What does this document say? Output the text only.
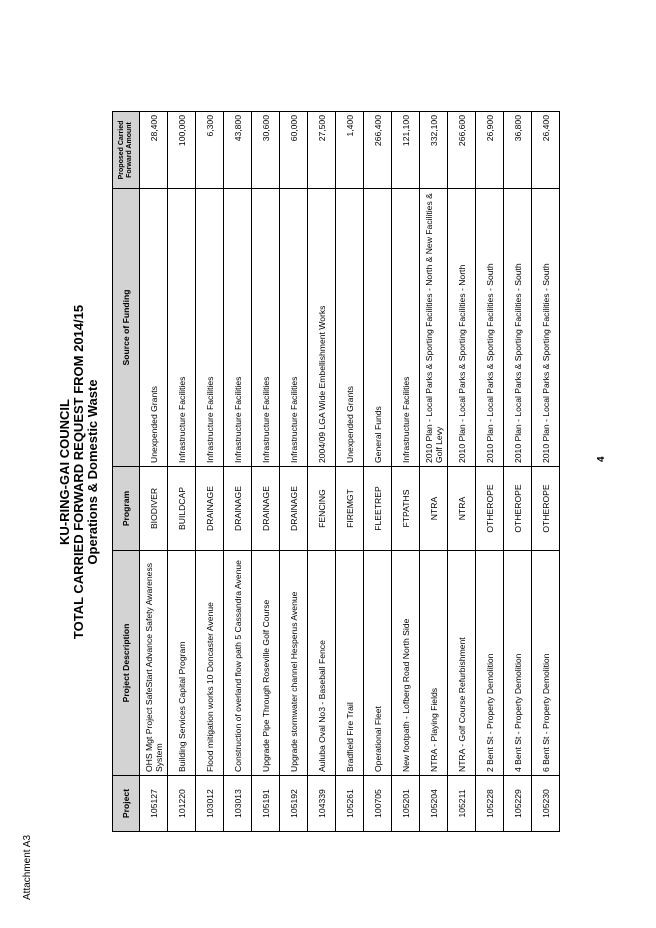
Attachment A3
4
KU-RING-GAI COUNCIL TOTAL CARRIED FORWARD REQUEST FROM 2014/15 Operations & Domestic Waste
Project	Project Description	Program	Source of Funding	Proposed Carried Forward Amount

105127	OHS Mgt Project SafeStart Advance Safety Awareness System	BIODIVER	Unexpended Grants	28,400
101220	Building Services Capital Program	BUILDCAP	Infrastructure Facilities	100,000
103012	Flood mitigation works 10 Doncaster Avenue	DRAINAGE	Infrastructure Facilities	6,300
103013	Construction of overland flow path 5 Cassandra Avenue	DRAINAGE	Infrastructure Facilities	43,800
105191	Upgrade Pipe Through Roseville Golf Course	DRAINAGE	Infrastructure Facilities	30,600
105192	Upgrade stormwater channel Hesperus Avenue	DRAINAGE	Infrastructure Facilities	60,000
104339	Auluba Oval No3 - Baseball Fence	FENCING	2004/09 LGA Wide Embellishment Works	27,500
105261	Bradfield Fire Trail	FIREMGT	Unexpended Grants	1,400
100705	Operational Fleet	FLEETREP	General Funds	266,400
105201	New footpath - Lofberg Road North Side	FTPATHS	Infrastructure Facilities	121,100
105204	NTRA - Playing Fields	NTRA	2010 Plan - Local Parks & Sporting Facilities - North & New Facilities & Golf Levy	332,100
105211	NTRA - Golf Course Refurbishment	NTRA	2010 Plan - Local Parks & Sporting Facilities - North	266,600
105228	2 Bent St - Property Demolition	OTHEROPE	2010 Plan - Local Parks & Sporting Facilities - South	26,900
105229	4 Bent St - Property Demolition	OTHEROPE	2010 Plan - Local Parks & Sporting Facilities - South	36,800
105230	6 Bent St - Property Demolition	OTHEROPE	2010 Plan - Local Parks & Sporting Facilities - South	26,400
